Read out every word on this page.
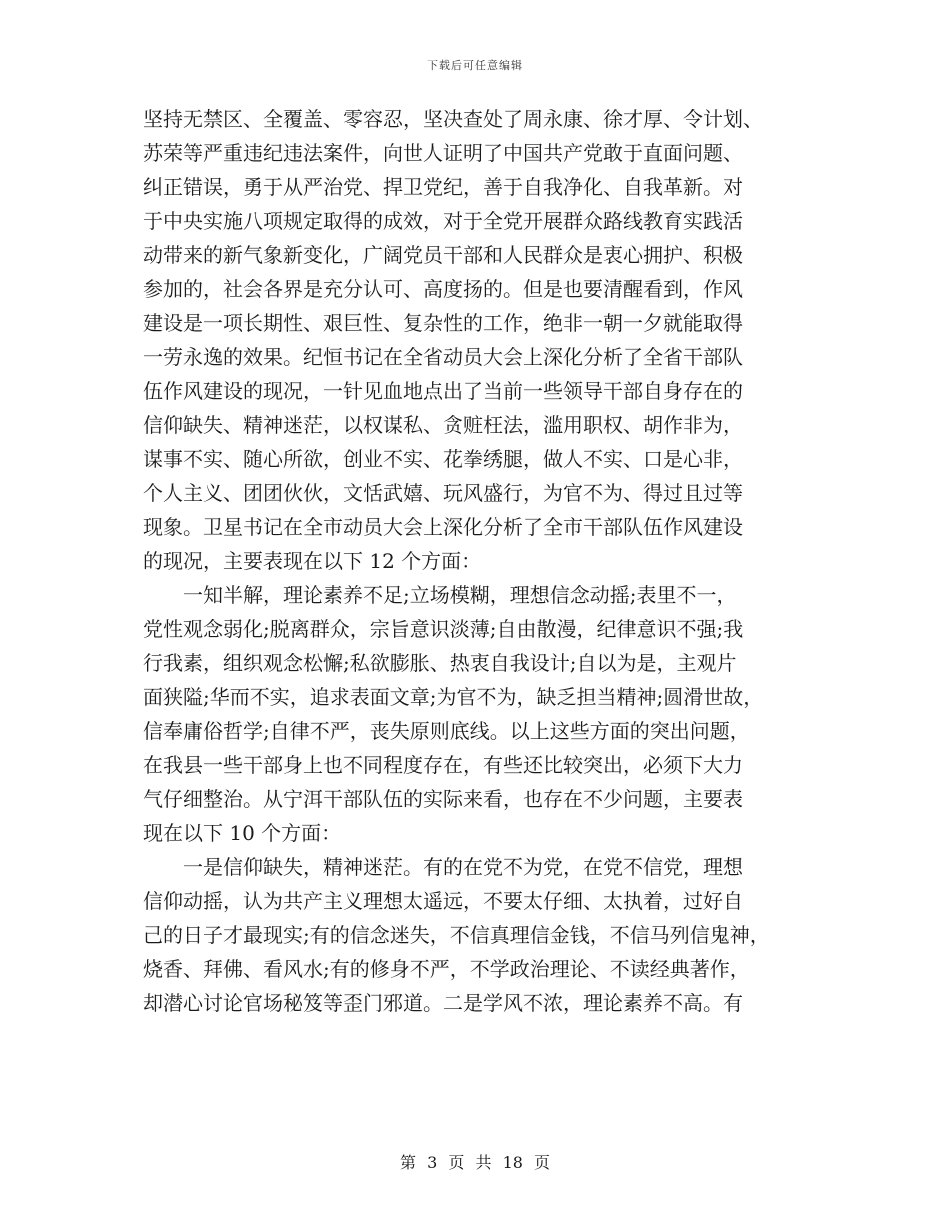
下载后可任意编辑
坚持无禁区、全覆盖、零容忍，坚决查处了周永康、徐才厚、令计划、
苏荣等严重违纪违法案件，向世人证明了中国共产党敢于直面问题、
纠正错误，勇于从严治党、捍卫党纪，善于自我净化、自我革新。对
于中央实施八项规定取得的成效，对于全党开展群众路线教育实践活
动带来的新气象新变化，广阔党员干部和人民群众是衷心拥护、积极
参加的，社会各界是充分认可、高度扬的。但是也要清醒看到，作风
建设是一项长期性、艰巨性、复杂性的工作，绝非一朝一夕就能取得
一劳永逸的效果。纪恒书记在全省动员大会上深化分析了全省干部队
伍作风建设的现况，一针见血地点出了当前一些领导干部自身存在的
信仰缺失、精神迷茫，以权谋私、贪赃枉法，滥用职权、胡作非为，
谋事不实、随心所欲，创业不实、花拳绣腿，做人不实、口是心非，
个人主义、团团伙伙，文恬武嬉、玩风盛行，为官不为、得过且过等
现象。卫星书记在全市动员大会上深化分析了全市干部队伍作风建设
的现况，主要表现在以下 12 个方面：
一知半解，理论素养不足;立场模糊，理想信念动摇;表里不一，
党性观念弱化;脱离群众，宗旨意识淡薄;自由散漫，纪律意识不强;我
行我素，组织观念松懈;私欲膨胀、热衷自我设计;自以为是，主观片
面狭隘;华而不实，追求表面文章;为官不为，缺乏担当精神;圆滑世故，
信奉庸俗哲学;自律不严，丧失原则底线。以上这些方面的突出问题，
在我县一些干部身上也不同程度存在，有些还比较突出，必须下大力
气仔细整治。从宁洱干部队伍的实际来看，也存在不少问题，主要表
现在以下 10 个方面：
一是信仰缺失，精神迷茫。有的在党不为党，在党不信党，理想
信仰动摇，认为共产主义理想太遥远，不要太仔细、太执着，过好自
己的日子才最现实;有的信念迷失，不信真理信金钱，不信马列信鬼神，
烧香、拜佛、看风水;有的修身不严，不学政治理论、不读经典著作，
却潜心讨论官场秘笈等歪门邪道。二是学风不浓，理论素养不高。有
第 3 页 共 18 页
